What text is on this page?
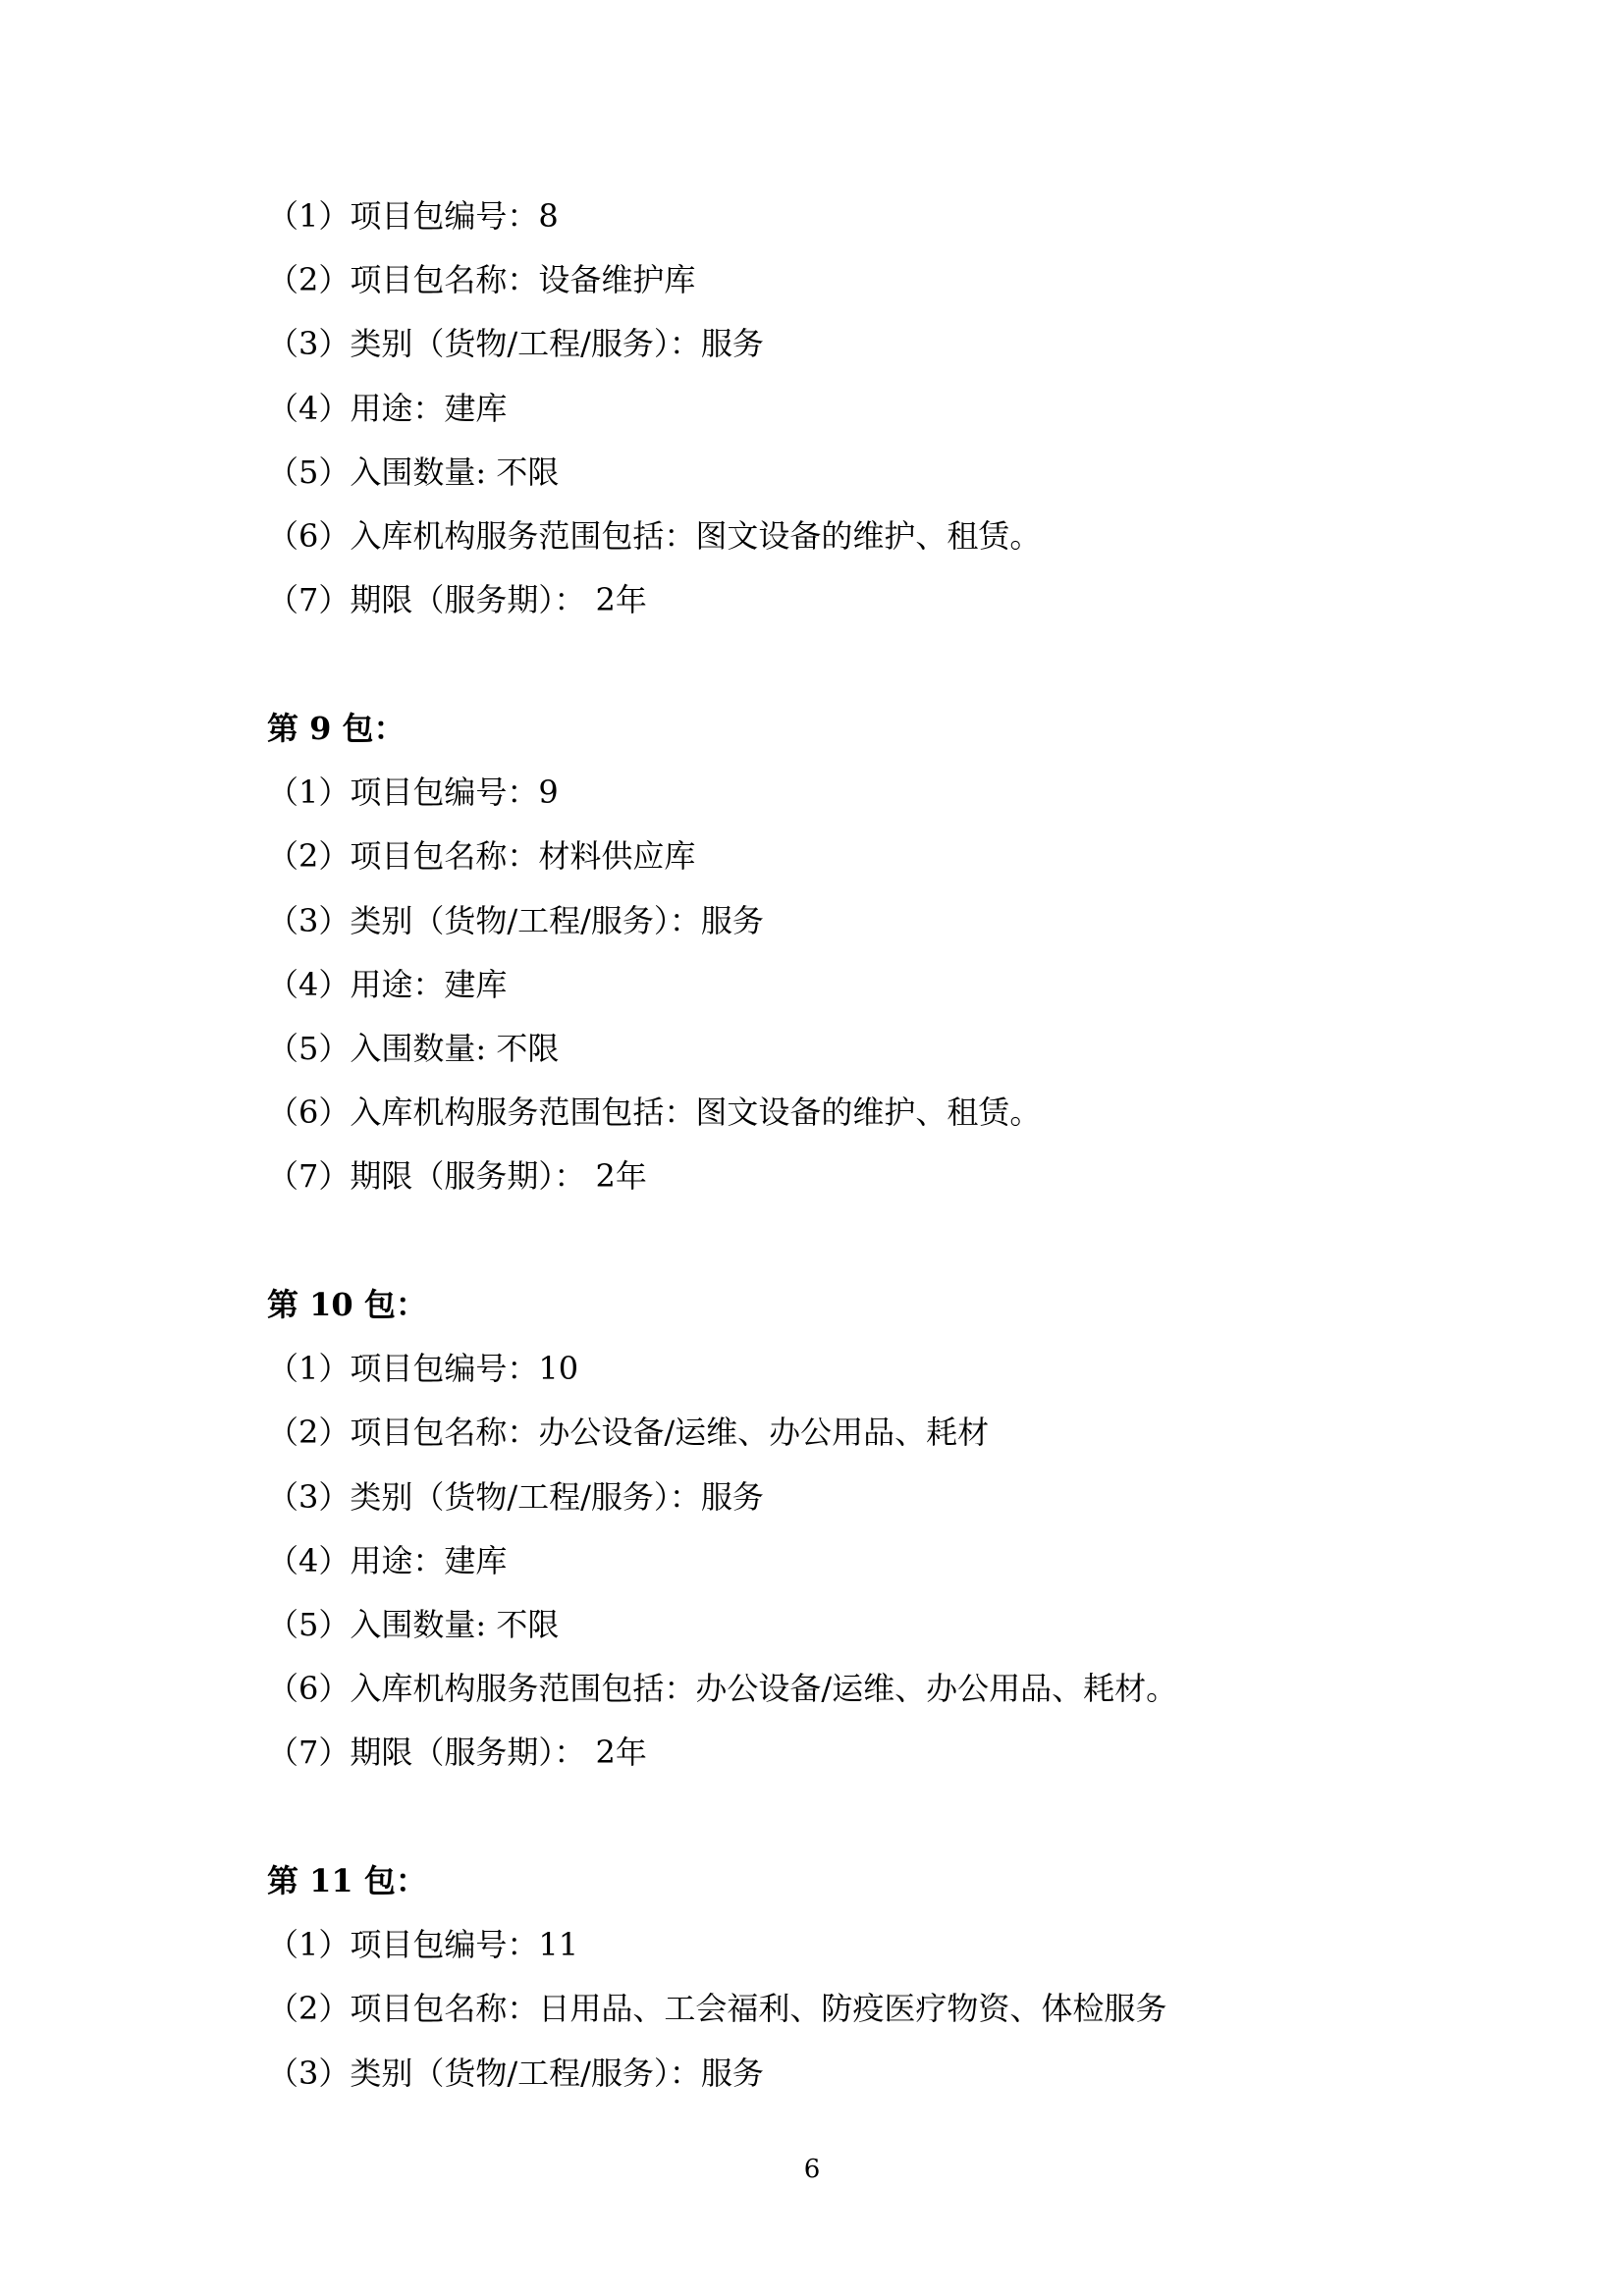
（1）项目包编号：8
（2）项目包名称：设备维护库
（3）类别（货物/工程/服务）：服务
（4）用途：建库
（5）入围数量: 不限
（6）入库机构服务范围包括：图文设备的维护、租赁。
（7）期限（服务期）： 2年
第 9 包：
（1）项目包编号：9
（2）项目包名称：材料供应库
（3）类别（货物/工程/服务）：服务
（4）用途：建库
（5）入围数量: 不限
（6）入库机构服务范围包括：图文设备的维护、租赁。
（7）期限（服务期）： 2年
第 10 包：
（1）项目包编号：10
（2）项目包名称：办公设备/运维、办公用品、耗材
（3）类别（货物/工程/服务）：服务
（4）用途：建库
（5）入围数量: 不限
（6）入库机构服务范围包括：办公设备/运维、办公用品、耗材。
（7）期限（服务期）： 2年
第 11 包：
（1）项目包编号：11
（2）项目包名称：日用品、工会福利、防疫医疗物资、体检服务
（3）类别（货物/工程/服务）：服务
6
